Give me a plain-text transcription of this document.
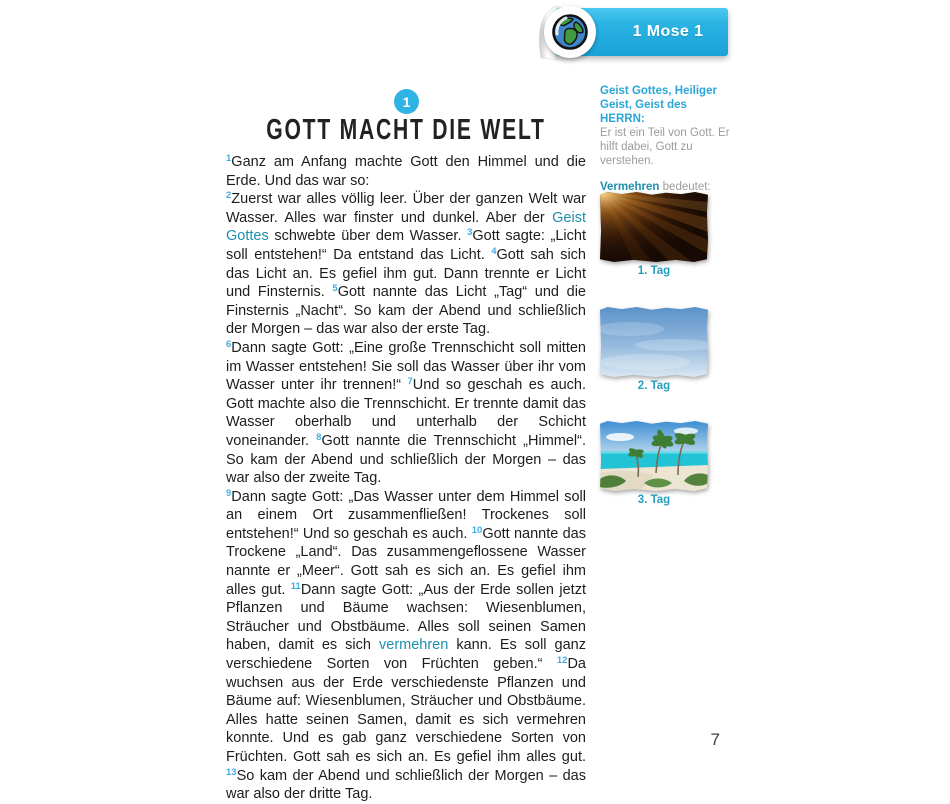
1 Mose 1
1
GOTT MACHT DIE WELT

$^1$Ganz am Anfang machte Gott den Himmel und die Erde. Und das war so:

$^2$Zuerst war alles völlig leer. Über der ganzen Welt war Wasser. Alles war finster und dunkel. Aber der Geist Gottes schwebte über dem Wasser. $^3$Gott sagte: „Licht soll entstehen!“ Da entstand das Licht. $^4$Gott sah sich das Licht an. Es gefiel ihm gut. Dann trennte er Licht und Finsternis. $^5$Gott nannte das Licht „Tag“ und die Finsternis „Nacht“. So kam der Abend und schließlich der Morgen – das war also der erste Tag.

$^6$Dann sagte Gott: „Eine große Trennschicht soll mitten im Wasser entstehen! Sie soll das Wasser über ihr vom Wasser unter ihr trennen!“ $^7$Und so geschah es auch. Gott machte also die Trennschicht. Er trennte damit das Wasser oberhalb und unterhalb der Schicht voneinander. $^8$Gott nannte die Trennschicht „Himmel“. So kam der Abend und schließlich der Morgen – das war also der zweite Tag.

$^9$Dann sagte Gott: „Das Wasser unter dem Himmel soll an einem Ort zusammenfließen! Trockenes soll entstehen!“ Und so geschah es auch. $^{10}$Gott nannte das Trockene „Land“. Das zusammengeflossene Wasser nannte er „Meer“. Gott sah es sich an. Es gefiel ihm alles gut. $^{11}$Dann sagte Gott: „Aus der Erde sollen jetzt Pflanzen und Bäume wachsen: Wiesenblumen, Sträucher und Obstbäume. Alles soll seinen Samen haben, damit es sich vermehren kann. Es soll ganz verschiedene Sorten von Früchten geben.“ $^{12}$Da wuchsen aus der Erde verschiedenste Pflanzen und Bäume auf: Wiesenblumen, Sträucher und Obstbäume. Alles hatte seinen Samen, damit es sich vermehren konnte. Und es gab ganz verschiedene Sorten von Früchten. Gott sah es sich an. Es gefiel ihm alles gut. $^{13}$So kam der Abend und schließlich der Morgen – das war also der dritte Tag.

Geist Gottes, Heiliger Geist, Geist des HERRN:
Er ist ein Teil von Gott. Er hilft dabei, Gott zu verstehen.
Vermehren bedeutet:
1. Tag
2. Tag
3. Tag
7
